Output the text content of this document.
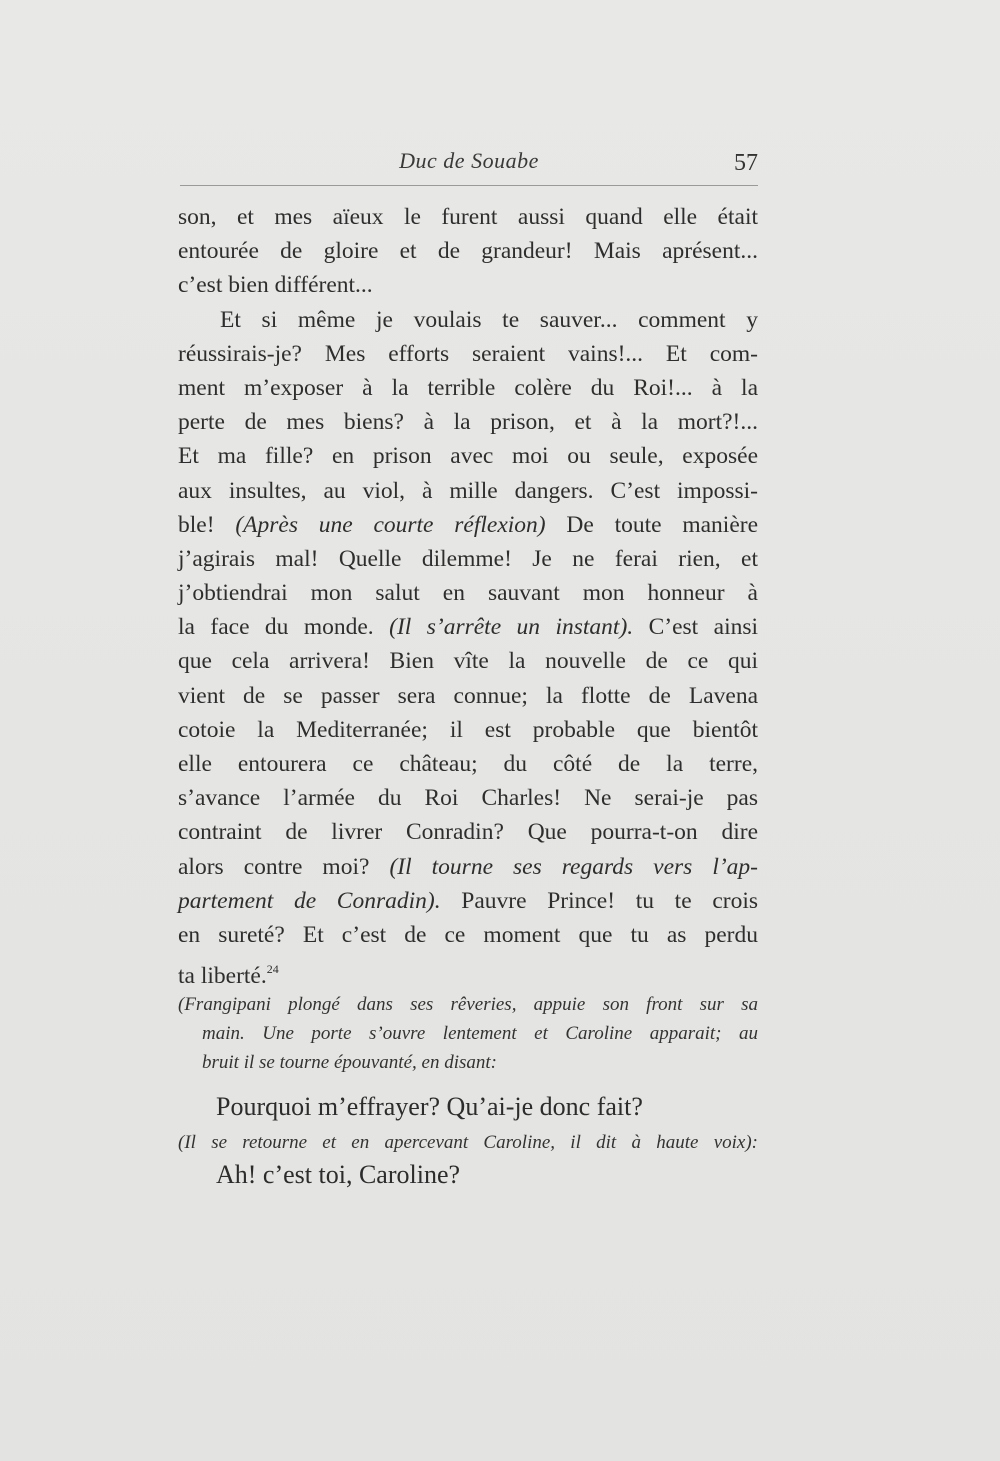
Duc de Souabe	57
son, et mes aïeux le furent aussi quand elle était
entourée de gloire et de grandeur! Mais aprésent...
c’est bien différent...
Et si même je voulais te sauver... comment y
réussirais-je? Mes efforts seraient vains!... Et com-
ment m’exposer à la terrible colère du Roi!... à la
perte de mes biens? à la prison, et à la mort?!...
Et ma fille? en prison avec moi ou seule, exposée
aux insultes, au viol, à mille dangers. C’est impossi-
ble! (Après une courte réflexion) De toute manière
j’agirais mal! Quelle dilemme! Je ne ferai rien, et
j’obtiendrai mon salut en sauvant mon honneur à
la face du monde. (Il s’arrête un instant). C’est ainsi
que cela arrivera! Bien vîte la nouvelle de ce qui
vient de se passer sera connue; la flotte de Lavena
cotoie la Mediterranée; il est probable que bientôt
elle entourera ce château; du côté de la terre,
s’avance l’armée du Roi Charles! Ne serai-je pas
contraint de livrer Conradin? Que pourra-t-on dire
alors contre moi? (Il tourne ses regards vers l’ap-
partement de Conradin). Pauvre Prince! tu te crois
en sureté? Et c’est de ce moment que tu as perdu
ta liberté.$^{24}$
(Frangipani plongé dans ses rêveries, appuie son front sur sa
main. Une porte s’ouvre lentement et Caroline apparait; au
bruit il se tourne épouvanté, en disant:
Pourquoi m’effrayer? Qu’ai-je donc fait?
(Il se retourne et en apercevant Caroline, il dit à haute voix):
Ah! c’est toi, Caroline?
